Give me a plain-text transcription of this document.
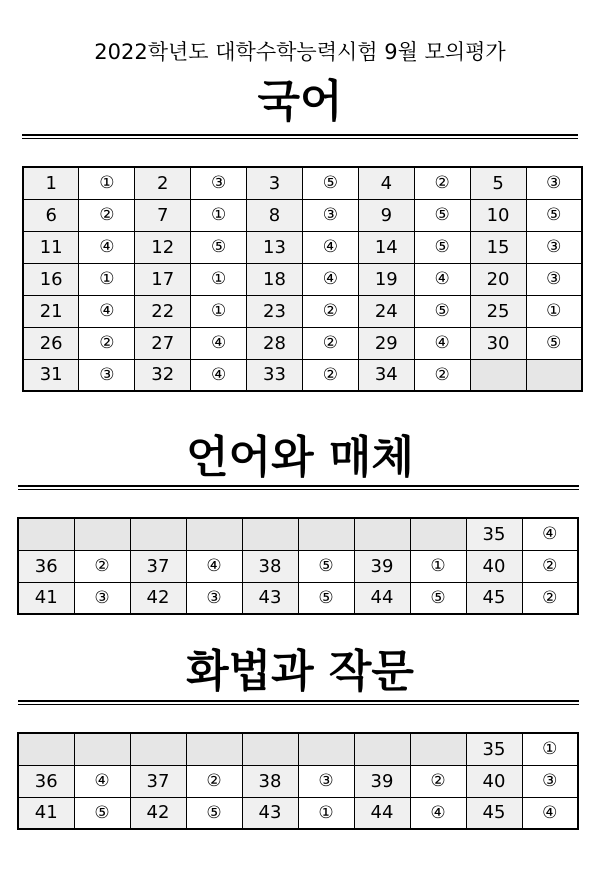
2022학년도 대학수학능력시험 9월 모의평가
국어
1	①	2	③	3	⑤	4	②	5	③
6	②	7	①	8	③	9	⑤	10	⑤
11	④	12	⑤	13	④	14	⑤	15	③
16	①	17	①	18	④	19	④	20	③
21	④	22	①	23	②	24	⑤	25	①
26	②	27	④	28	②	29	④	30	⑤
31	③	32	④	33	②	34	②		
언어와 매체
								35	④
36	②	37	④	38	⑤	39	①	40	②
41	③	42	③	43	⑤	44	⑤	45	②
화법과 작문
								35	①
36	④	37	②	38	③	39	②	40	③
41	⑤	42	⑤	43	①	44	④	45	④
